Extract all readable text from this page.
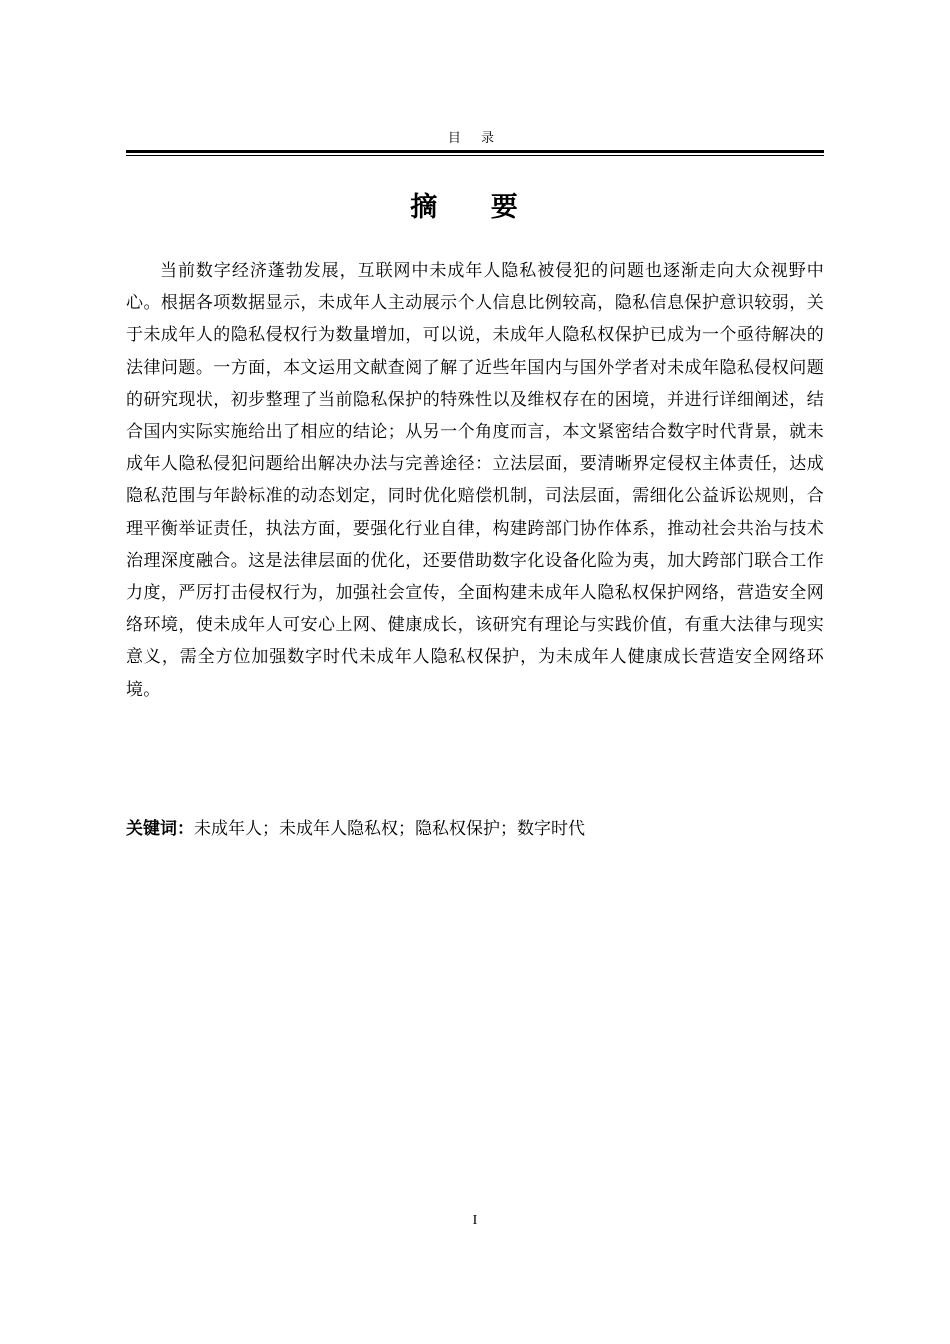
目 录
摘 要

当前数字经济蓬勃发展，互联网中未成年人隐私被侵犯的问题也逐渐走向大众视野中心。根据各项数据显示，未成年人主动展示个人信息比例较高，隐私信息保护意识较弱，关于未成年人的隐私侵权行为数量增加，可以说，未成年人隐私权保护已成为一个亟待解决的法律问题。一方面，本文运用文献查阅了解了近些年国内与国外学者对未成年隐私侵权问题的研究现状，初步整理了当前隐私保护的特殊性以及维权存在的困境，并进行详细阐述，结合国内实际实施给出了相应的结论；从另一个角度而言，本文紧密结合数字时代背景，就未成年人隐私侵犯问题给出解决办法与完善途径：立法层面，要清晰界定侵权主体责任，达成隐私范围与年龄标准的动态划定，同时优化赔偿机制，司法层面，需细化公益诉讼规则，合理平衡举证责任，执法方面，要强化行业自律，构建跨部门协作体系，推动社会共治与技术治理深度融合。这是法律层面的优化，还要借助数字化设备化险为夷，加大跨部门联合工作力度，严厉打击侵权行为，加强社会宣传，全面构建未成年人隐私权保护网络，营造安全网络环境，使未成年人可安心上网、健康成长，该研究有理论与实践价值，有重大法律与现实意义，需全方位加强数字时代未成年人隐私权保护，为未成年人健康成长营造安全网络环境。

关键词：未成年人；未成年人隐私权；隐私权保护；数字时代
I
